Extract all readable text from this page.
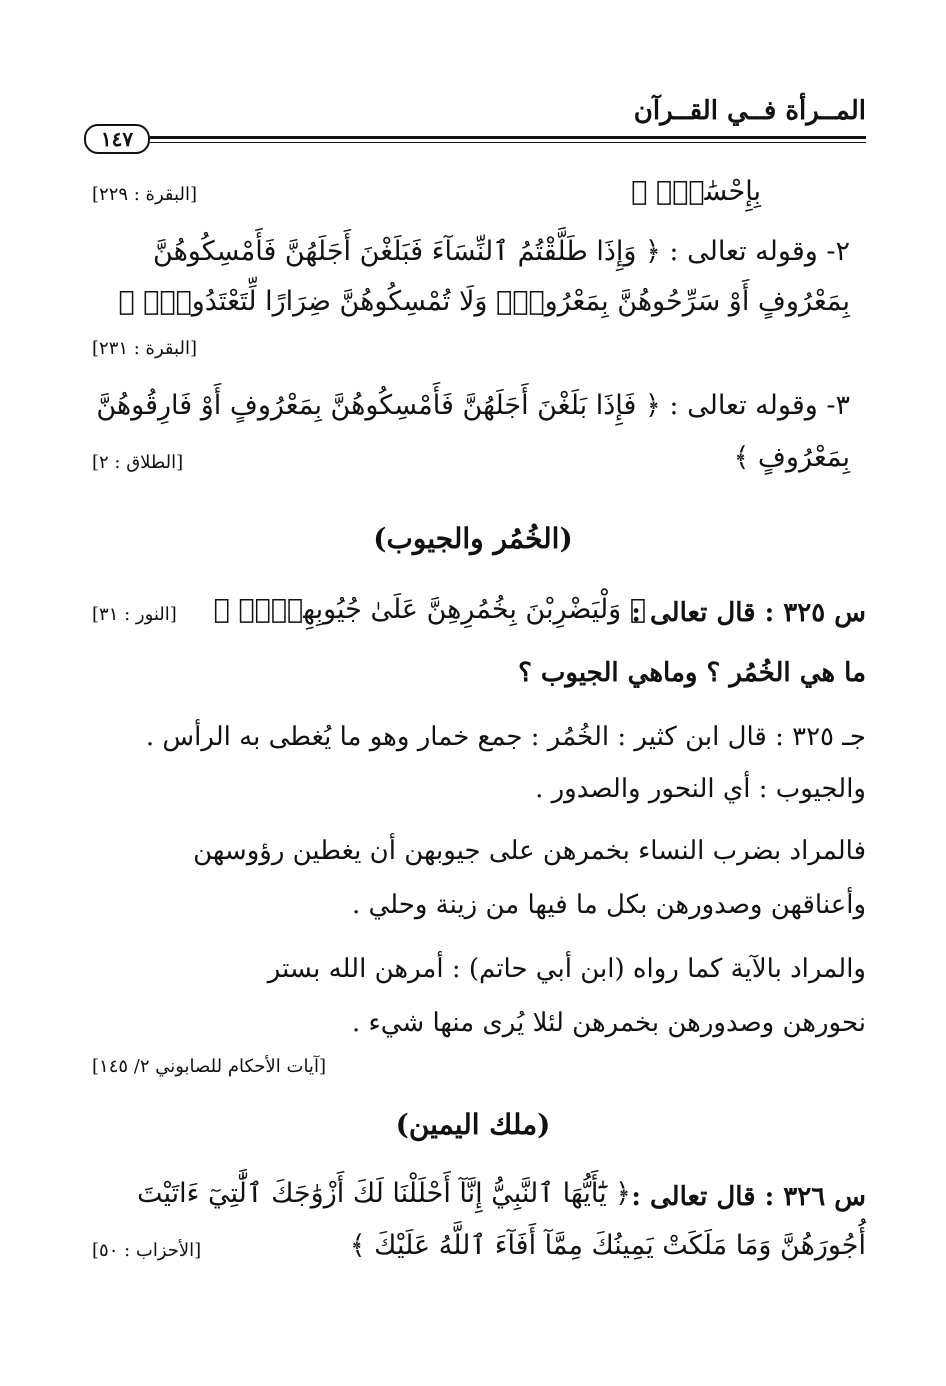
المــرأة فــي القــرآن
١٤٧
بِإِحْسَٰنٍۗ ﴾
[البقرة : ٢٢٩]
٢- وقوله تعالى : ﴿ وَإِذَا طَلَّقْتُمُ ٱلنِّسَآءَ فَبَلَغْنَ أَجَلَهُنَّ فَأَمْسِكُوهُنَّ
بِمَعْرُوفٍ أَوْ سَرِّحُوهُنَّ بِمَعْرُوفٍۚ وَلَا تُمْسِكُوهُنَّ ضِرَارًا لِّتَعْتَدُواْۚ ﴾
[البقرة : ٢٣١]
٣- وقوله تعالى : ﴿ فَإِذَا بَلَغْنَ أَجَلَهُنَّ فَأَمْسِكُوهُنَّ بِمَعْرُوفٍ أَوْ فَارِقُوهُنَّ
بِمَعْرُوفٍ ﴾
[الطلاق : ٢]
(الخُمُر والجيوب)
س ٣٢٥ : قال تعالى :
﴿ وَلْيَضْرِبْنَ بِخُمُرِهِنَّ عَلَىٰ جُيُوبِهِنَّۖ ﴾
[النور : ٣١]
ما هي الخُمُر ؟ وماهي الجيوب ؟
جـ ٣٢٥ : قال ابن كثير : الخُمُر : جمع خمار وهو ما يُغطى به الرأس .
والجيوب : أي النحور والصدور .
فالمراد بضرب النساء بخمرهن على جيوبهن أن يغطين رؤوسهن
وأعناقهن وصدورهن بكل ما فيها من زينة وحلي .
والمراد بالآية كما رواه (ابن أبي حاتم) : أمرهن الله بستر
نحورهن وصدورهن بخمرهن لئلا يُرى منها شيء .
[آيات الأحكام للصابوني ٢/ ١٤٥]
(ملك اليمين)
س ٣٢٦ : قال تعالى :
﴿ يَٰٓأَيُّهَا ٱلنَّبِيُّ إِنَّآ أَحْلَلْنَا لَكَ أَزْوَٰجَكَ ٱلَّٰتِيٓ ءَاتَيْتَ
أُجُورَهُنَّ وَمَا مَلَكَتْ يَمِينُكَ مِمَّآ أَفَآءَ ٱللَّهُ عَلَيْكَ ﴾
[الأحزاب : ٥٠]
